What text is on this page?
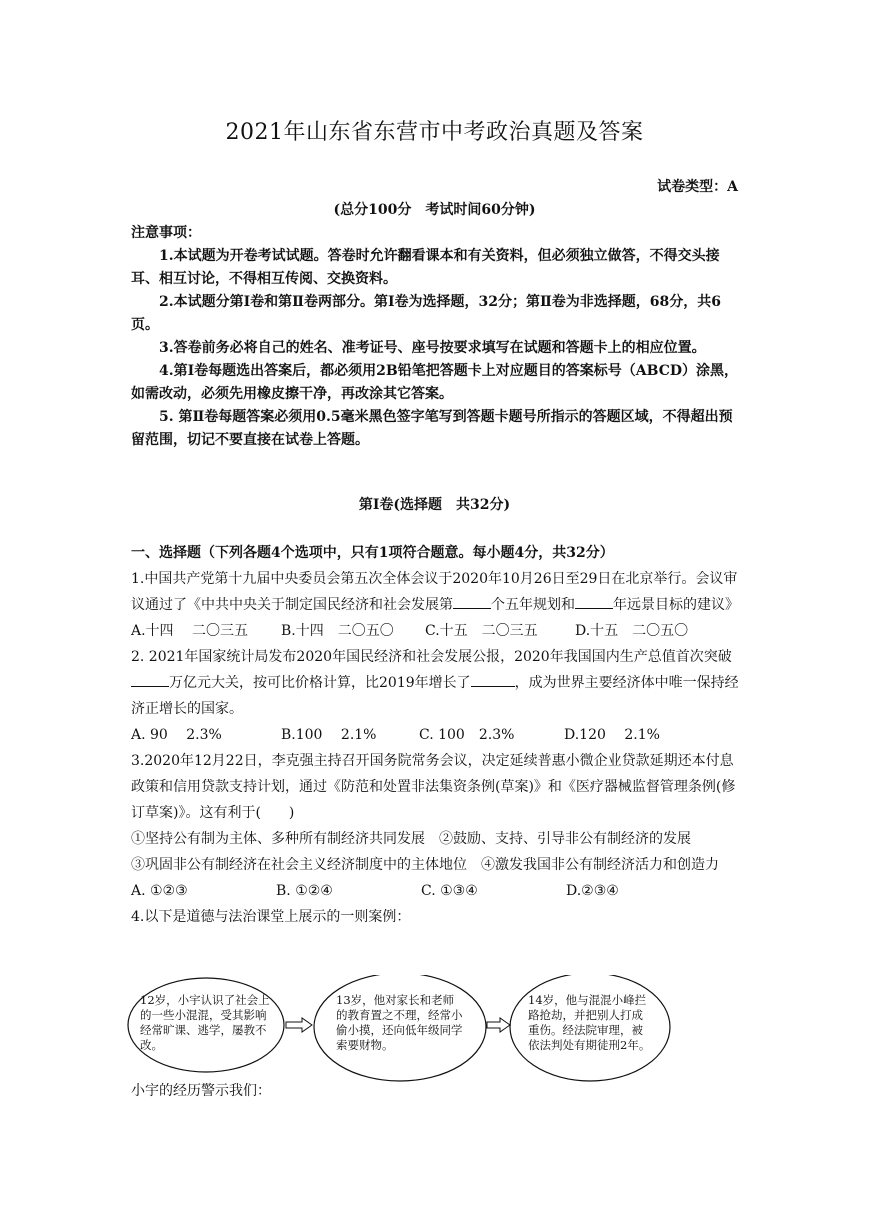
2021年山东省东营市中考政治真题及答案
试卷类型：A
(总分100分　考试时间60分钟)
注意事项：
1.本试题为开卷考试试题。答卷时允许翻看课本和有关资料，但必须独立做答，不得交头接耳、相互讨论，不得相互传阅、交换资料。
2.本试题分第Ⅰ卷和第Ⅱ卷两部分。第Ⅰ卷为选择题，32分；第Ⅱ卷为非选择题，68分，共6页。
3.答卷前务必将自己的姓名、准考证号、座号按要求填写在试题和答题卡上的相应位置。
4.第Ⅰ卷每题选出答案后，都必须用2B铅笔把答题卡上对应题目的答案标号（ABCD）涂黑，如需改动，必须先用橡皮擦干净，再改涂其它答案。
5. 第Ⅱ卷每题答案必须用0.5毫米黑色签字笔写到答题卡题号所指示的答题区域，不得超出预留范围，切记不要直接在试卷上答题。
第Ⅰ卷(选择题　共32分)
一、选择题（下列各题4个选项中，只有1项符合题意。每小题4分，共32分）
1.中国共产党第十九届中央委员会第五次全体会议于2020年10月26日至29日在北京举行。会议审议通过了《中共中央关于制定国民经济和社会发展第	个五年规划和	年远景目标的建议》
A.十四　 二〇三五	B.十四　二〇五〇	C.十五　二〇三五	D.十五　二〇五〇
2. 2021年国家统计局发布2020年国民经济和社会发展公报，2020年我国国内生产总值首次突破万亿元大关，按可比价格计算，比2019年增长了	，成为世界主要经济体中唯一保持经济正增长的国家。
A. 90　 2.3%	B.100　 2.1%	C. 100　2.3%	D.120　 2.1%
3.2020年12月22日，李克强主持召开国务院常务会议，决定延续普惠小微企业贷款延期还本付息政策和信用贷款支持计划，通过《防范和处置非法集资条例(草案)》和《医疗器械监督管理条例(修订草案)》。这有利于(　　)
①坚持公有制为主体、多种所有制经济共同发展　②鼓励、支持、引导非公有制经济的发展
③巩固非公有制经济在社会主义经济制度中的主体地位　④激发我国非公有制经济活力和创造力
A. ①②③	B. ①②④	C. ①③④	D.②③④
4.以下是道德与法治课堂上展示的一则案例：
12岁，小宇认识了社会上的一些小混混，受其影响经常旷课、逃学，屡教不改。
13岁，他对家长和老师的教育置之不理，经常小偷小摸，还向低年级同学索要财物。
14岁，他与混混小峰拦路抢劫，并把别人打成重伤。经法院审理，被依法判处有期徒刑2年。
小宇的经历警示我们：
